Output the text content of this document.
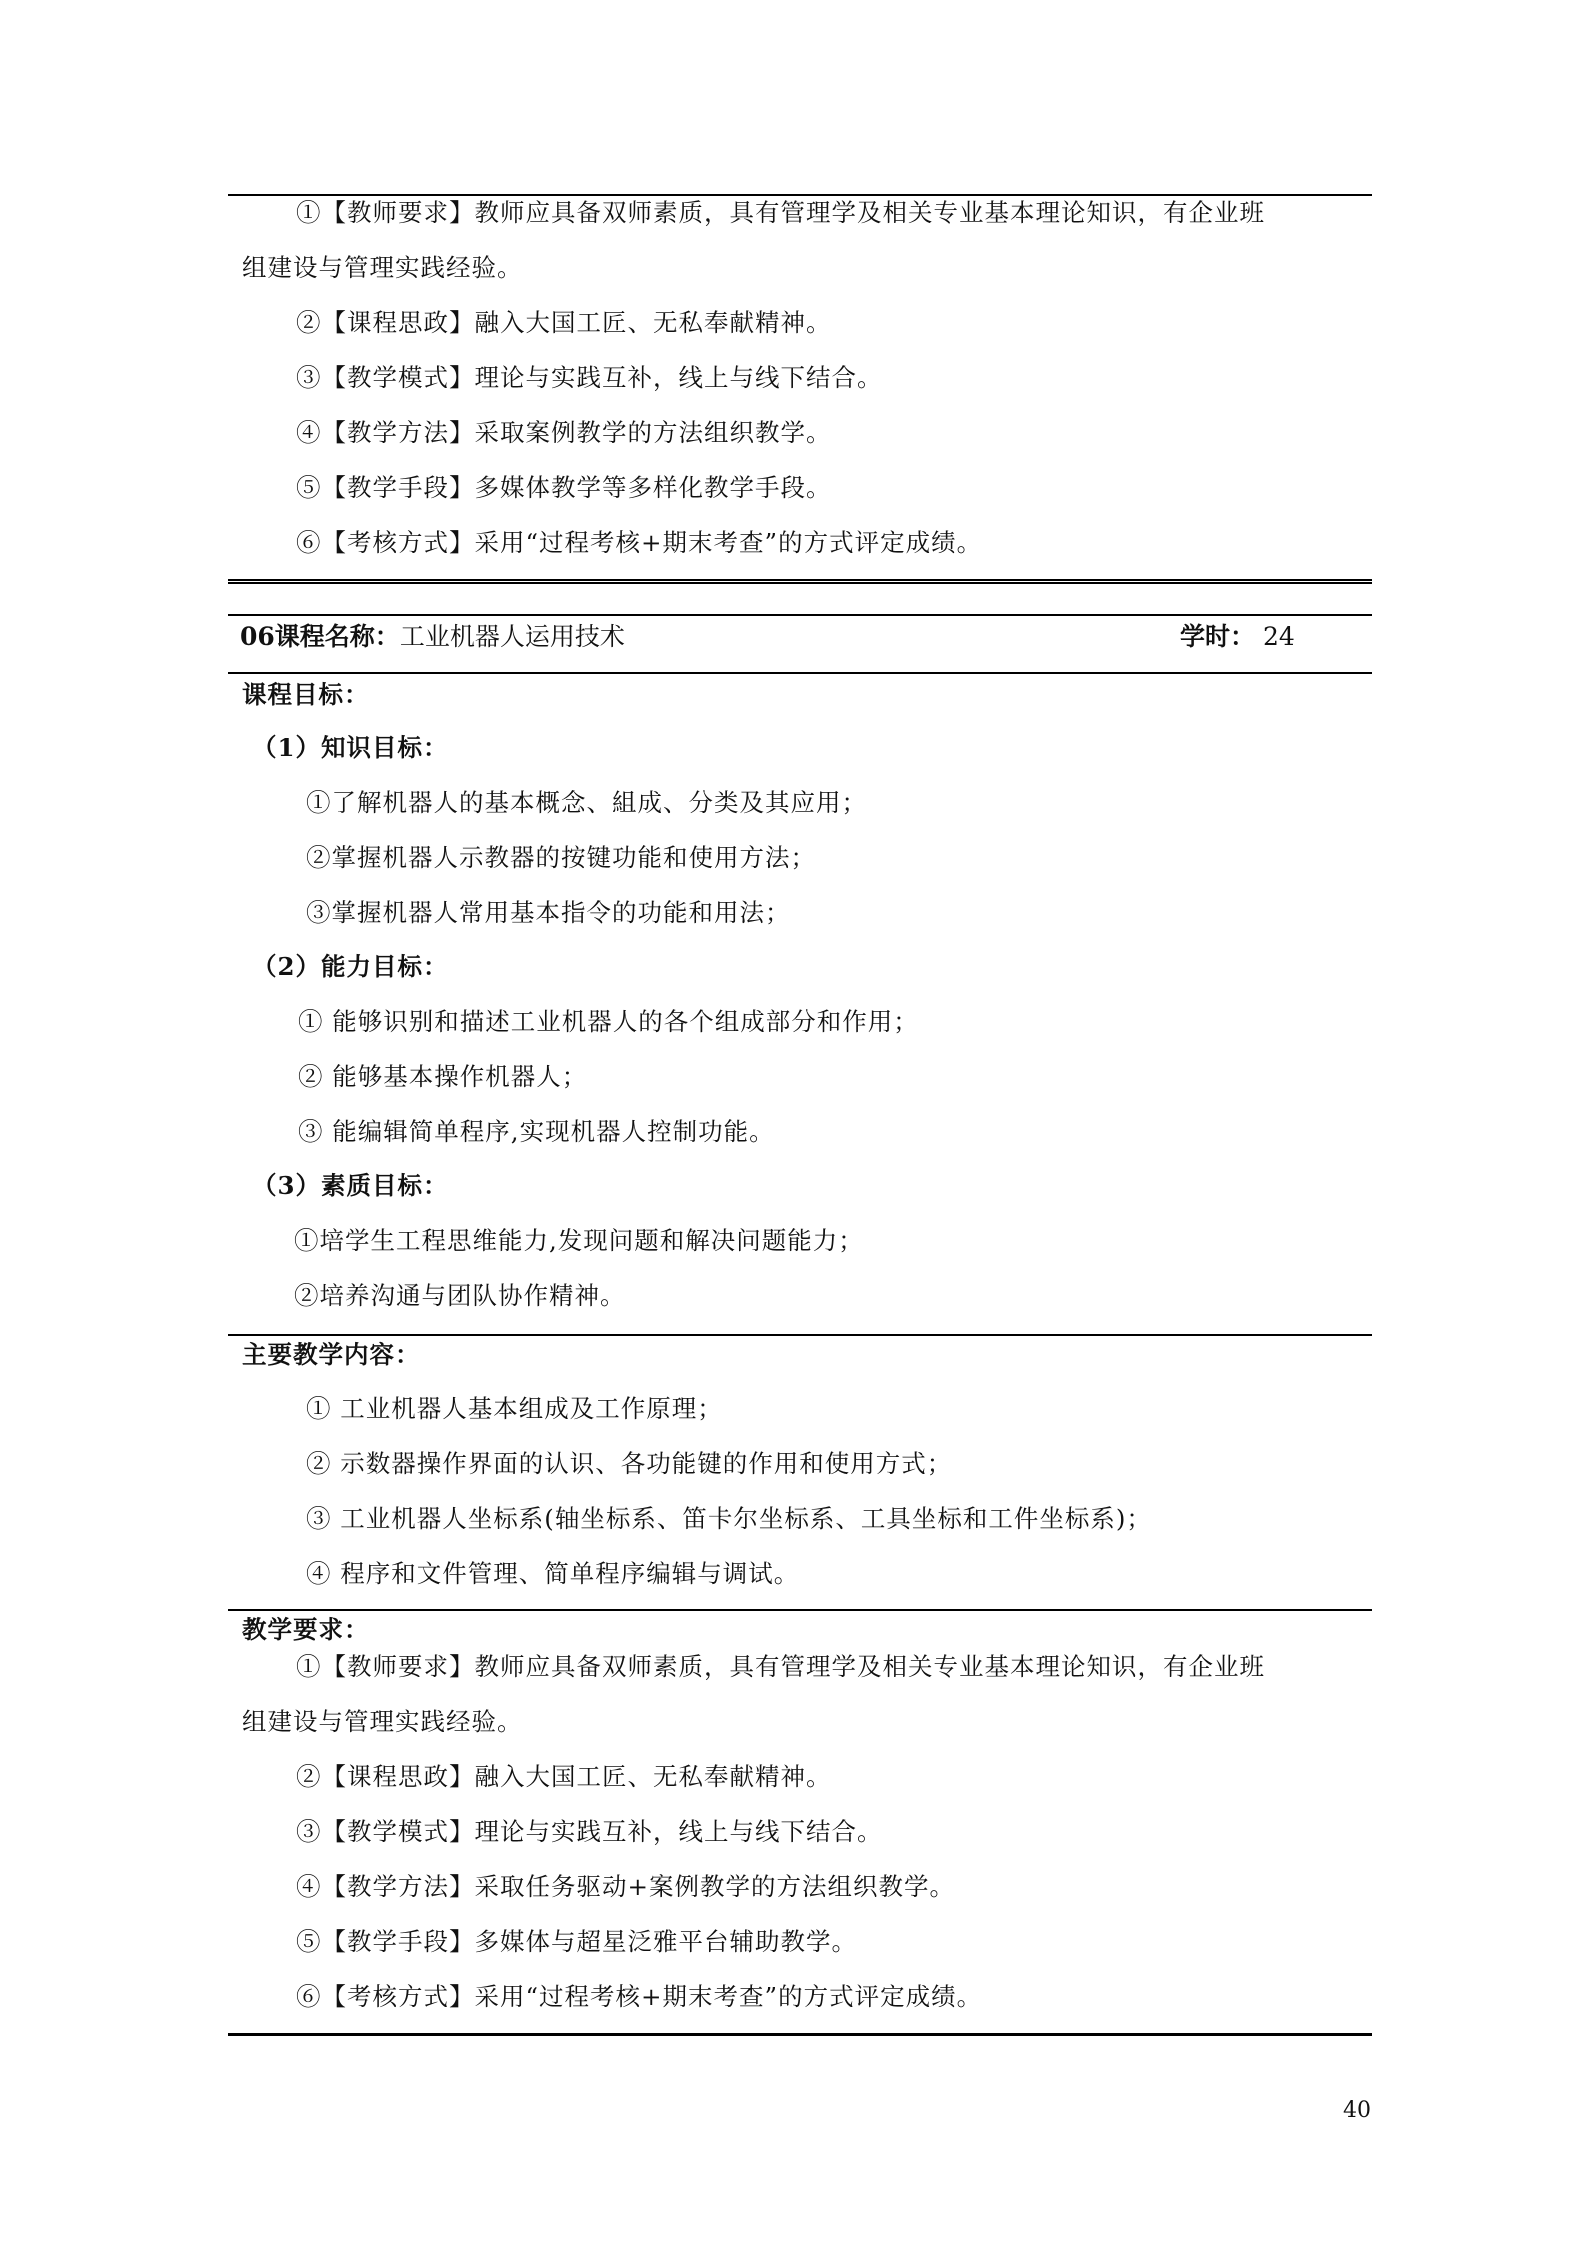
①【教师要求】教师应具备双师素质，具有管理学及相关专业基本理论知识，有企业班
组建设与管理实践经验。
②【课程思政】融入大国工匠、无私奉献精神。
③【教学模式】理论与实践互补，线上与线下结合。
④【教学方法】采取案例教学的方法组织教学。
⑤【教学手段】多媒体教学等多样化教学手段。
⑥【考核方式】采用“过程考核+期末考查”的方式评定成绩。
06课程名称：工业机器人运用技术	学时： 24
课程目标：
（1）知识目标：
①了解机器人的基本概念、組成、分类及其应用；
②掌握机器人示教器的按键功能和使用方法；
③掌握机器人常用基本指令的功能和用法；
（2）能力目标：
① 能够识别和描述工业机器人的各个组成部分和作用；
② 能够基本操作机器人；
③ 能编辑简单程序,实现机器人控制功能。
（3）素质目标：
①培学生工程思维能力,发现问题和解决问题能力；
②培养沟通与团队协作精神。
主要教学内容：
① 工业机器人基本组成及工作原理；
② 示数器操作界面的认识、各功能键的作用和使用方式；
③ 工业机器人坐标系(轴坐标系、笛卡尔坐标系、工具坐标和工件坐标系)；
④ 程序和文件管理、简单程序编辑与调试。
教学要求：
①【教师要求】教师应具备双师素质，具有管理学及相关专业基本理论知识，有企业班
组建设与管理实践经验。
②【课程思政】融入大国工匠、无私奉献精神。
③【教学模式】理论与实践互补，线上与线下结合。
④【教学方法】采取任务驱动+案例教学的方法组织教学。
⑤【教学手段】多媒体与超星泛雅平台辅助教学。
⑥【考核方式】采用“过程考核+期末考查”的方式评定成绩。
40
